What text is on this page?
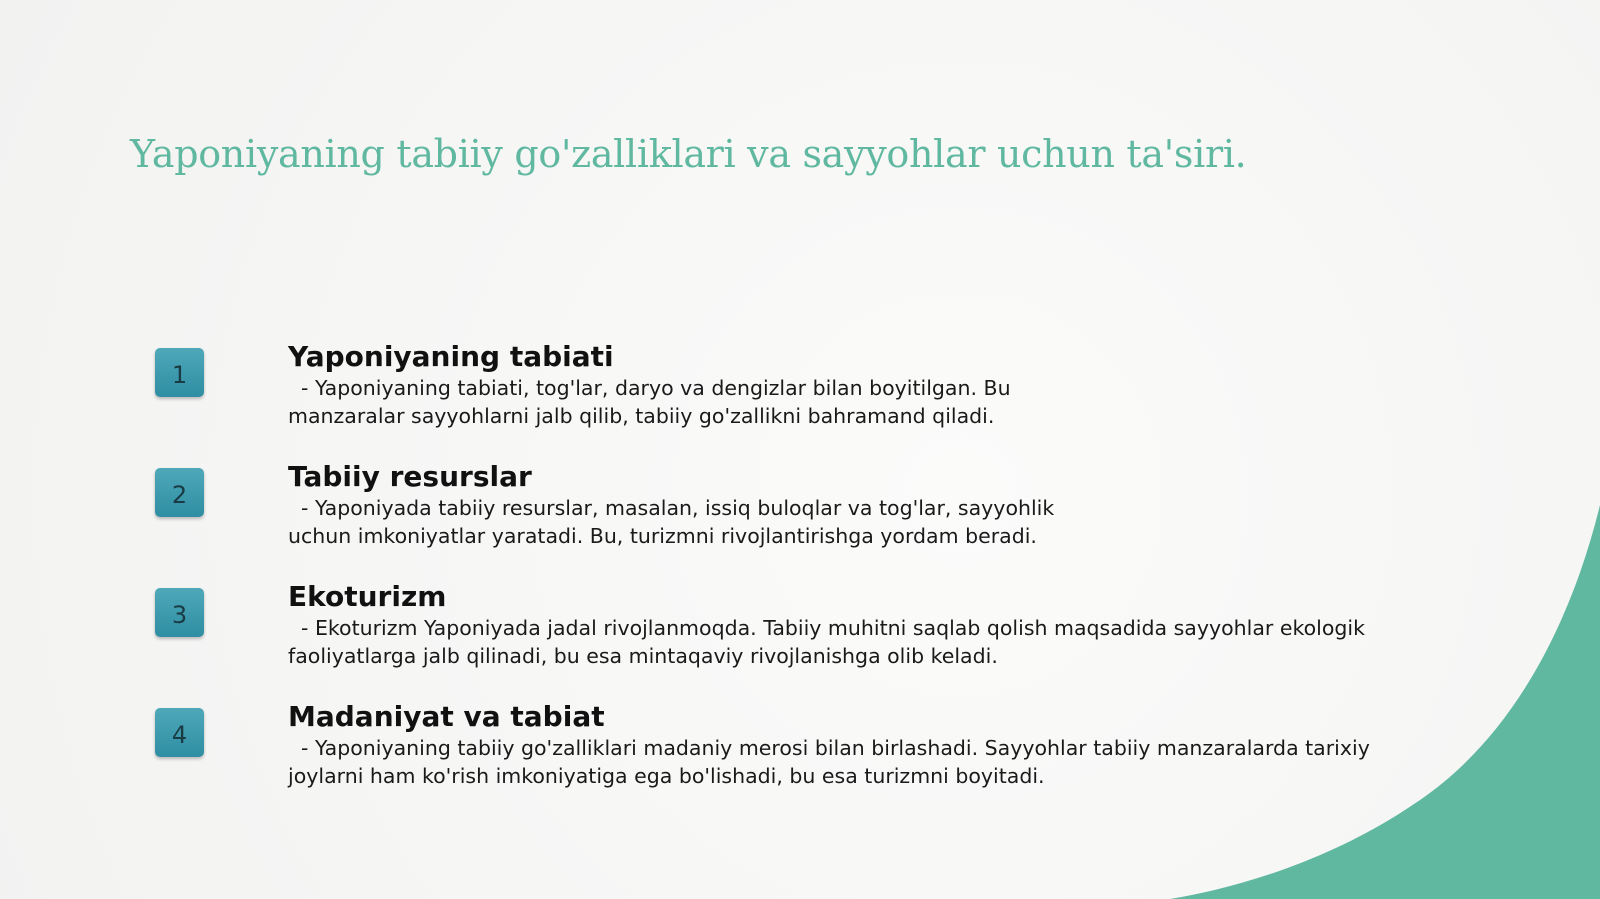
Yaponiyaning tabiiy go'zalliklari va sayyohlar uchun ta'siri.
1

Yaponiyaning tabiati

- Yaponiyaning tabiati, tog'lar, daryo va dengizlar bilan boyitilgan. Bu

manzaralar sayyohlarni jalb qilib, tabiiy go'zallikni bahramand qiladi.

2

Tabiiy resurslar

- Yaponiyada tabiiy resurslar, masalan, issiq buloqlar va tog'lar, sayyohlik

uchun imkoniyatlar yaratadi. Bu, turizmni rivojlantirishga yordam beradi.

3

Ekoturizm

- Ekoturizm Yaponiyada jadal rivojlanmoqda. Tabiiy muhitni saqlab qolish maqsadida sayyohlar ekologik

faoliyatlarga jalb qilinadi, bu esa mintaqaviy rivojlanishga olib keladi.

4

Madaniyat va tabiat

- Yaponiyaning tabiiy go'zalliklari madaniy merosi bilan birlashadi. Sayyohlar tabiiy manzaralarda tarixiy

joylarni ham ko'rish imkoniyatiga ega bo'lishadi, bu esa turizmni boyitadi.
